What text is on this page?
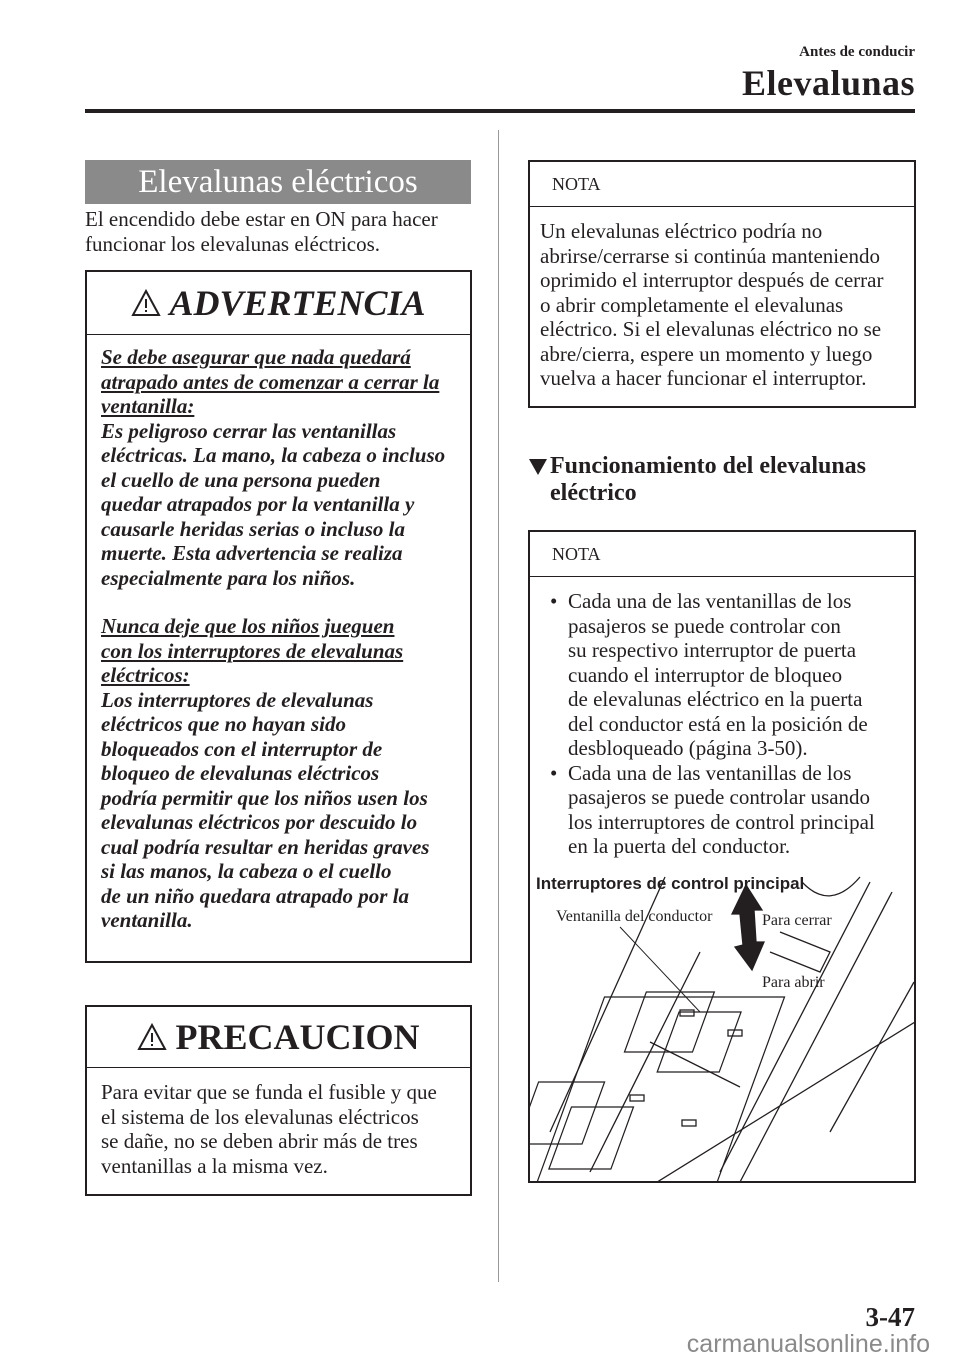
Antes de conducir
Elevalunas
Elevalunas eléctricos
El encendido debe estar en ON para hacer
funcionar los elevalunas eléctricos.
ADVERTENCIA
Se debe asegurar que nada quedará
atrapado antes de comenzar a cerrar la
ventanilla:
Es peligroso cerrar las ventanillas
eléctricas. La mano, la cabeza o incluso
el cuello de una persona pueden
quedar atrapados por la ventanilla y
causarle heridas serias o incluso la
muerte. Esta advertencia se realiza
especialmente para los niños.
Nunca deje que los niños jueguen
con los interruptores de elevalunas
eléctricos:
Los interruptores de elevalunas
eléctricos que no hayan sido
bloqueados con el interruptor de
bloqueo de elevalunas eléctricos
podría permitir que los niños usen los
elevalunas eléctricos por descuido lo
cual podría resultar en heridas graves
si las manos, la cabeza o el cuello
de un niño quedara atrapado por la
ventanilla.
PRECAUCION
Para evitar que se funda el fusible y que
el sistema de los elevalunas eléctricos
se dañe, no se deben abrir más de tres
ventanillas a la misma vez.
NOTA
Un elevalunas eléctrico podría no
abrirse/cerrarse si continúa manteniendo
oprimido el interruptor después de cerrar
o abrir completamente el elevalunas
eléctrico. Si el elevalunas eléctrico no se
abre/cierra, espere un momento y luego
vuelva a hacer funcionar el interruptor.
Funcionamiento del elevalunas
eléctrico
NOTA
• Cada una de las ventanillas de los
pasajeros se puede controlar con
su respectivo interruptor de puerta
cuando el interruptor de bloqueo
de elevalunas eléctrico en la puerta
del conductor está en la posición de
desbloqueado (página 3-50).
• Cada una de las ventanillas de los
pasajeros se puede controlar usando
los interruptores de control principal
en la puerta del conductor.
Interruptores de control principal
Ventanilla del conductor	Para cerrar
Para abrir
3-47
carmanualsonline.info
